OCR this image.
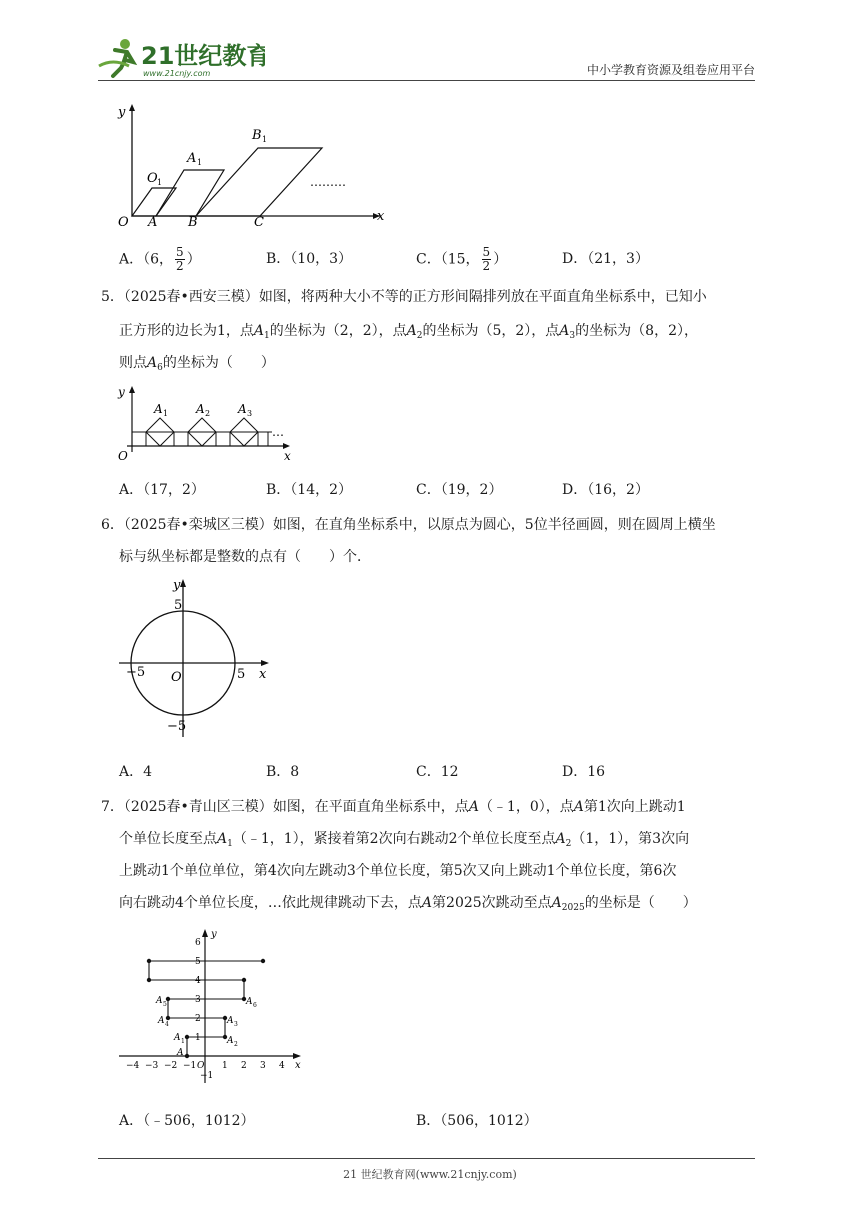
21世纪教育
www.21cnjy.com	中小学教育资源及组卷应用平台
y
x
O
O 1
A
A 1
B
B 1
C
………
A．（6， $\frac{5}{2}$ ）	B．（10，3）	C．（15， $\frac{5}{2}$ ）	D．（21，3）
5．（2025春•西安三模）如图，将两种大小不等的正方形间隔排列放在平面直角坐标系中，已知小
正方形的边长为1，点$A_1$的坐标为（2，2），点$A_2$的坐标为（5，2），点$A_3$的坐标为（8，2），
则点$A_6$的坐标为（　　）
y
x
O
A 1 A 2 A 3
…
A．（17，2）	B．（14，2）	C．（19，2）	D．（16，2）
6．（2025春•栾城区三模）如图，在直角坐标系中，以原点为圆心，5位半径画圆，则在圆周上横坐
标与纵坐标都是整数的点有（　　）个．
y
x
O	5
−5
5
−5
A．4	B．8	C．12	D．16
7．（2025春•青山区三模）如图，在平面直角坐标系中，点A（﹣1，0），点A第1次向上跳动1
个单位长度至点$A_1(﹣1$，1），紧接着第2次向右跳动2个单位长度至点$A_2(1$，1），第3次向
上跳动1个单位单位，第4次向左跳动3个单位长度，第5次又向上跳动1个单位长度，第6次
向右跳动4个单位长度，…依此规律跳动下去，点A第2025次跳动至点$A_{2025}$的坐标是（　　）
y
x
O
−1
−4 −3 −2 −1	1 2 3 4
1
2
3
4
5
6
A
A 1	A 2
A 3
A 4
A 5	A 6
A．（﹣506，1012）	B．（506，1012）
21 世纪教育网(www.21cnjy.com)
